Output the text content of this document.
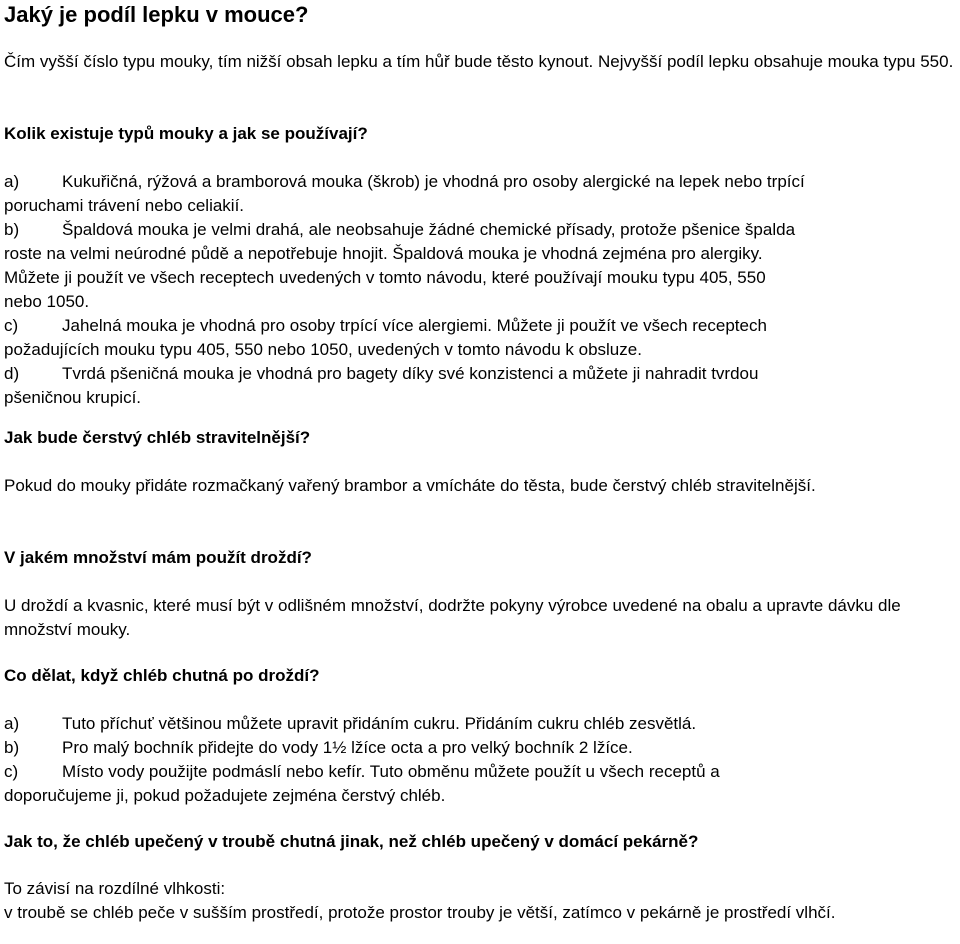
Jaký je podíl lepku v mouce?
Čím vyšší číslo typu mouky, tím nižší obsah lepku a tím hůř bude těsto kynout. Nejvyšší podíl lepku obsahuje mouka typu 550.
Kolik existuje typů mouky a jak se používají?
a)	Kukuřičná, rýžová a bramborová mouka (škrob) je vhodná pro osoby alergické na lepek nebo trpící
poruchami trávení nebo celiakií.
b)	Špaldová mouka je velmi drahá, ale neobsahuje žádné chemické přísady, protože pšenice špalda
roste na velmi neúrodné půdě a nepotřebuje hnojit. Špaldová mouka je vhodná zejména pro alergiky.
Můžete ji použít ve všech receptech uvedených v tomto návodu, které používají mouku typu 405, 550
nebo 1050.
c)	Jahelná mouka je vhodná pro osoby trpící více alergiemi. Můžete ji použít ve všech receptech
požadujících mouku typu 405, 550 nebo 1050, uvedených v tomto návodu k obsluze.
d)	Tvrdá pšeničná mouka je vhodná pro bagety díky své konzistenci a můžete ji nahradit tvrdou
pšeničnou krupicí.
Jak bude čerstvý chléb stravitelnější?
Pokud do mouky přidáte rozmačkaný vařený brambor a vmícháte do těsta, bude čerstvý chléb stravitelnější.
V jakém množství mám použít droždí?
U droždí a kvasnic, které musí být v odlišném množství, dodržte pokyny výrobce uvedené na obalu a upravte dávku dle množství mouky.
Co dělat, když chléb chutná po droždí?
a)	Tuto příchuť většinou můžete upravit přidáním cukru. Přidáním cukru chléb zesvětlá.
b)	Pro malý bochník přidejte do vody 1½ lžíce octa a pro velký bochník 2 lžíce.
c)	Místo vody použijte podmáslí nebo kefír. Tuto obměnu můžete použít u všech receptů a
doporučujeme ji, pokud požadujete zejména čerstvý chléb.
Jak to, že chléb upečený v troubě chutná jinak, než chléb upečený v domácí pekárně?
To závisí na rozdílné vlhkosti:
v troubě se chléb peče v sušším prostředí, protože prostor trouby je větší, zatímco v pekárně je prostředí vlhčí.
